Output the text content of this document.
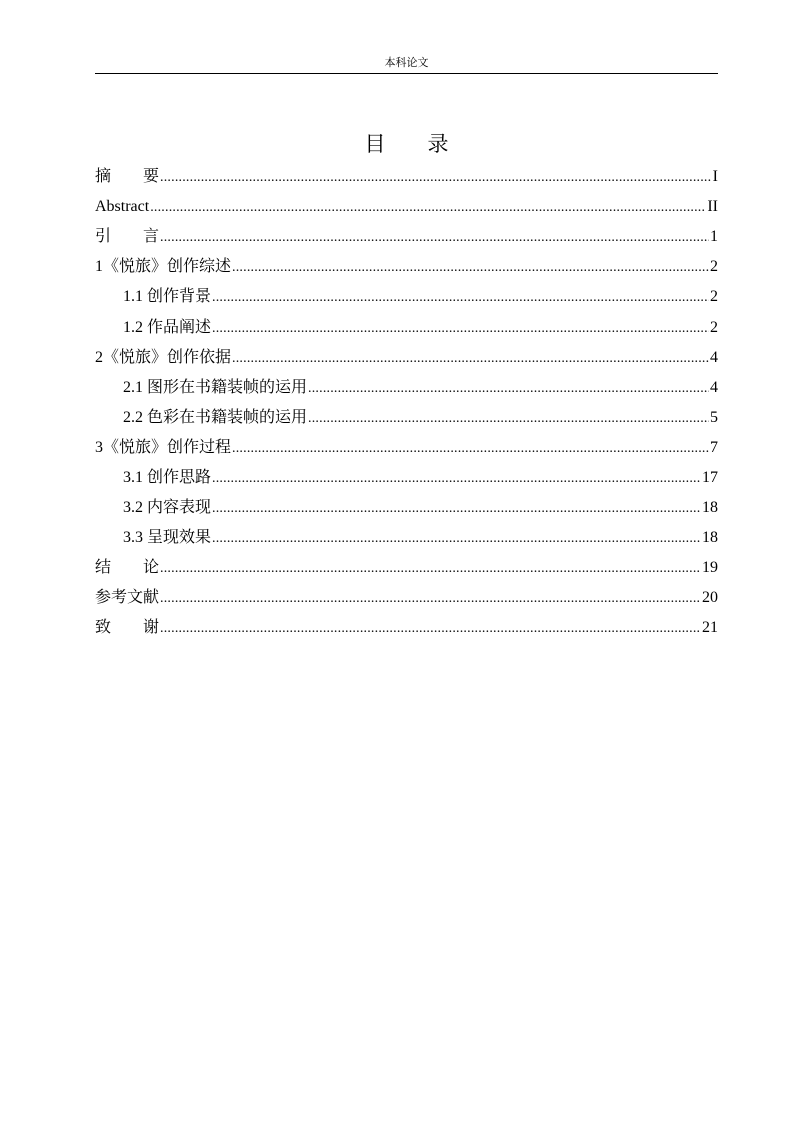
本科论文
目 录
摘　　要 .....	I
Abstract .....	II
引　　言 .....	1
1《悦旅》创作综述 .....	2
1.1 创作背景 .....	2
1.2 作品阐述 .....	2
2《悦旅》创作依据 .....	4
2.1 图形在书籍装帧的运用 .....	4
2.2 色彩在书籍装帧的运用 .....	5
3《悦旅》创作过程 .....	7
3.1 创作思路 .....	17
3.2 内容表现 .....	18
3.3 呈现效果 .....	18
结　　论 .....	19
参考文献 .....	20
致　　谢 .....	21
